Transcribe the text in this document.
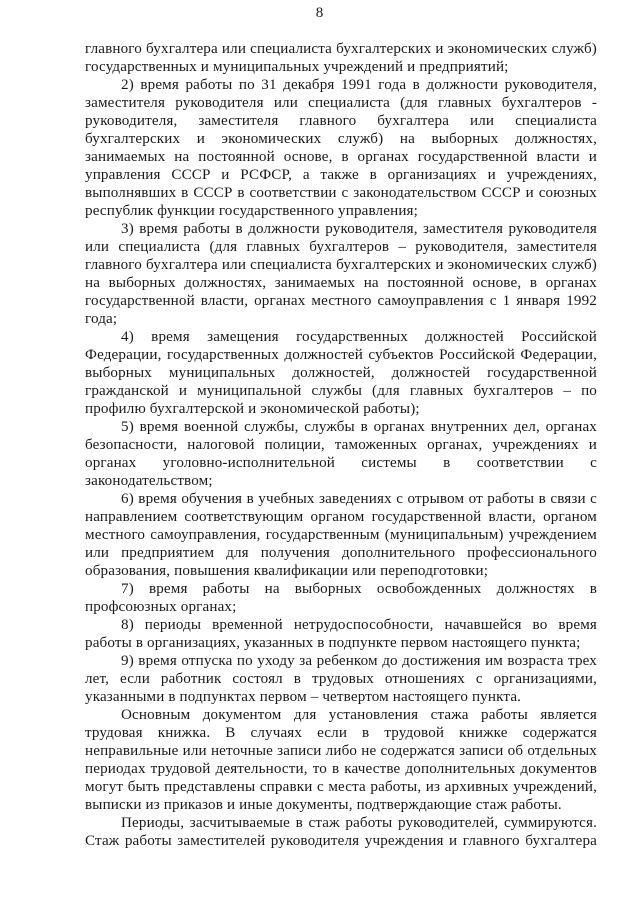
8

главного бухгалтера или специалиста бухгалтерских и экономических служб) государственных и муниципальных учреждений и предприятий;

2) время работы по 31 декабря 1991 года в должности руководителя, заместителя руководителя или специалиста (для главных бухгалтеров - руководителя, заместителя главного бухгалтера или специалиста бухгалтерских и экономических служб) на выборных должностях, занимаемых на постоянной основе, в органах государственной власти и управления СССР и РСФСР, а также в организациях и учреждениях, выполнявших в СССР в соответствии с законодательством СССР и союзных республик функции государственного управления;

3) время работы в должности руководителя, заместителя руководителя или специалиста (для главных бухгалтеров – руководителя, заместителя главного бухгалтера или специалиста бухгалтерских и экономических служб) на выборных должностях, занимаемых на постоянной основе, в органах государственной власти, органах местного самоуправления с 1 января 1992 года;

4) время замещения государственных должностей Российской Федерации, государственных должностей субъектов Российской Федерации, выборных муниципальных должностей, должностей государственной гражданской и муниципальной службы (для главных бухгалтеров – по профилю бухгалтерской и экономической работы);

5) время военной службы, службы в органах внутренних дел, органах безопасности, налоговой полиции, таможенных органах, учреждениях и органах уголовно-исполнительной системы в соответствии с законодательством;

6) время обучения в учебных заведениях с отрывом от работы в связи с направлением соответствующим органом государственной власти, органом местного самоуправления, государственным (муниципальным) учреждением или предприятием для получения дополнительного профессионального образования, повышения квалификации или переподготовки;

7) время работы на выборных освобожденных должностях в профсоюзных органах;

8) периоды временной нетрудоспособности, начавшейся во время работы в организациях, указанных в подпункте первом настоящего пункта;

9) время отпуска по уходу за ребенком до достижения им возраста трех лет, если работник состоял в трудовых отношениях с организациями, указанными в подпунктах первом – четвертом настоящего пункта.

Основным документом для установления стажа работы является трудовая книжка. В случаях если в трудовой книжке содержатся неправильные или неточные записи либо не содержатся записи об отдельных периодах трудовой деятельности, то в качестве дополнительных документов могут быть представлены справки с места работы, из архивных учреждений, выписки из приказов и иные документы, подтверждающие стаж работы.

Периоды, засчитываемые в стаж работы руководителей, суммируются. Стаж работы заместителей руководителя учреждения и главного бухгалтера
